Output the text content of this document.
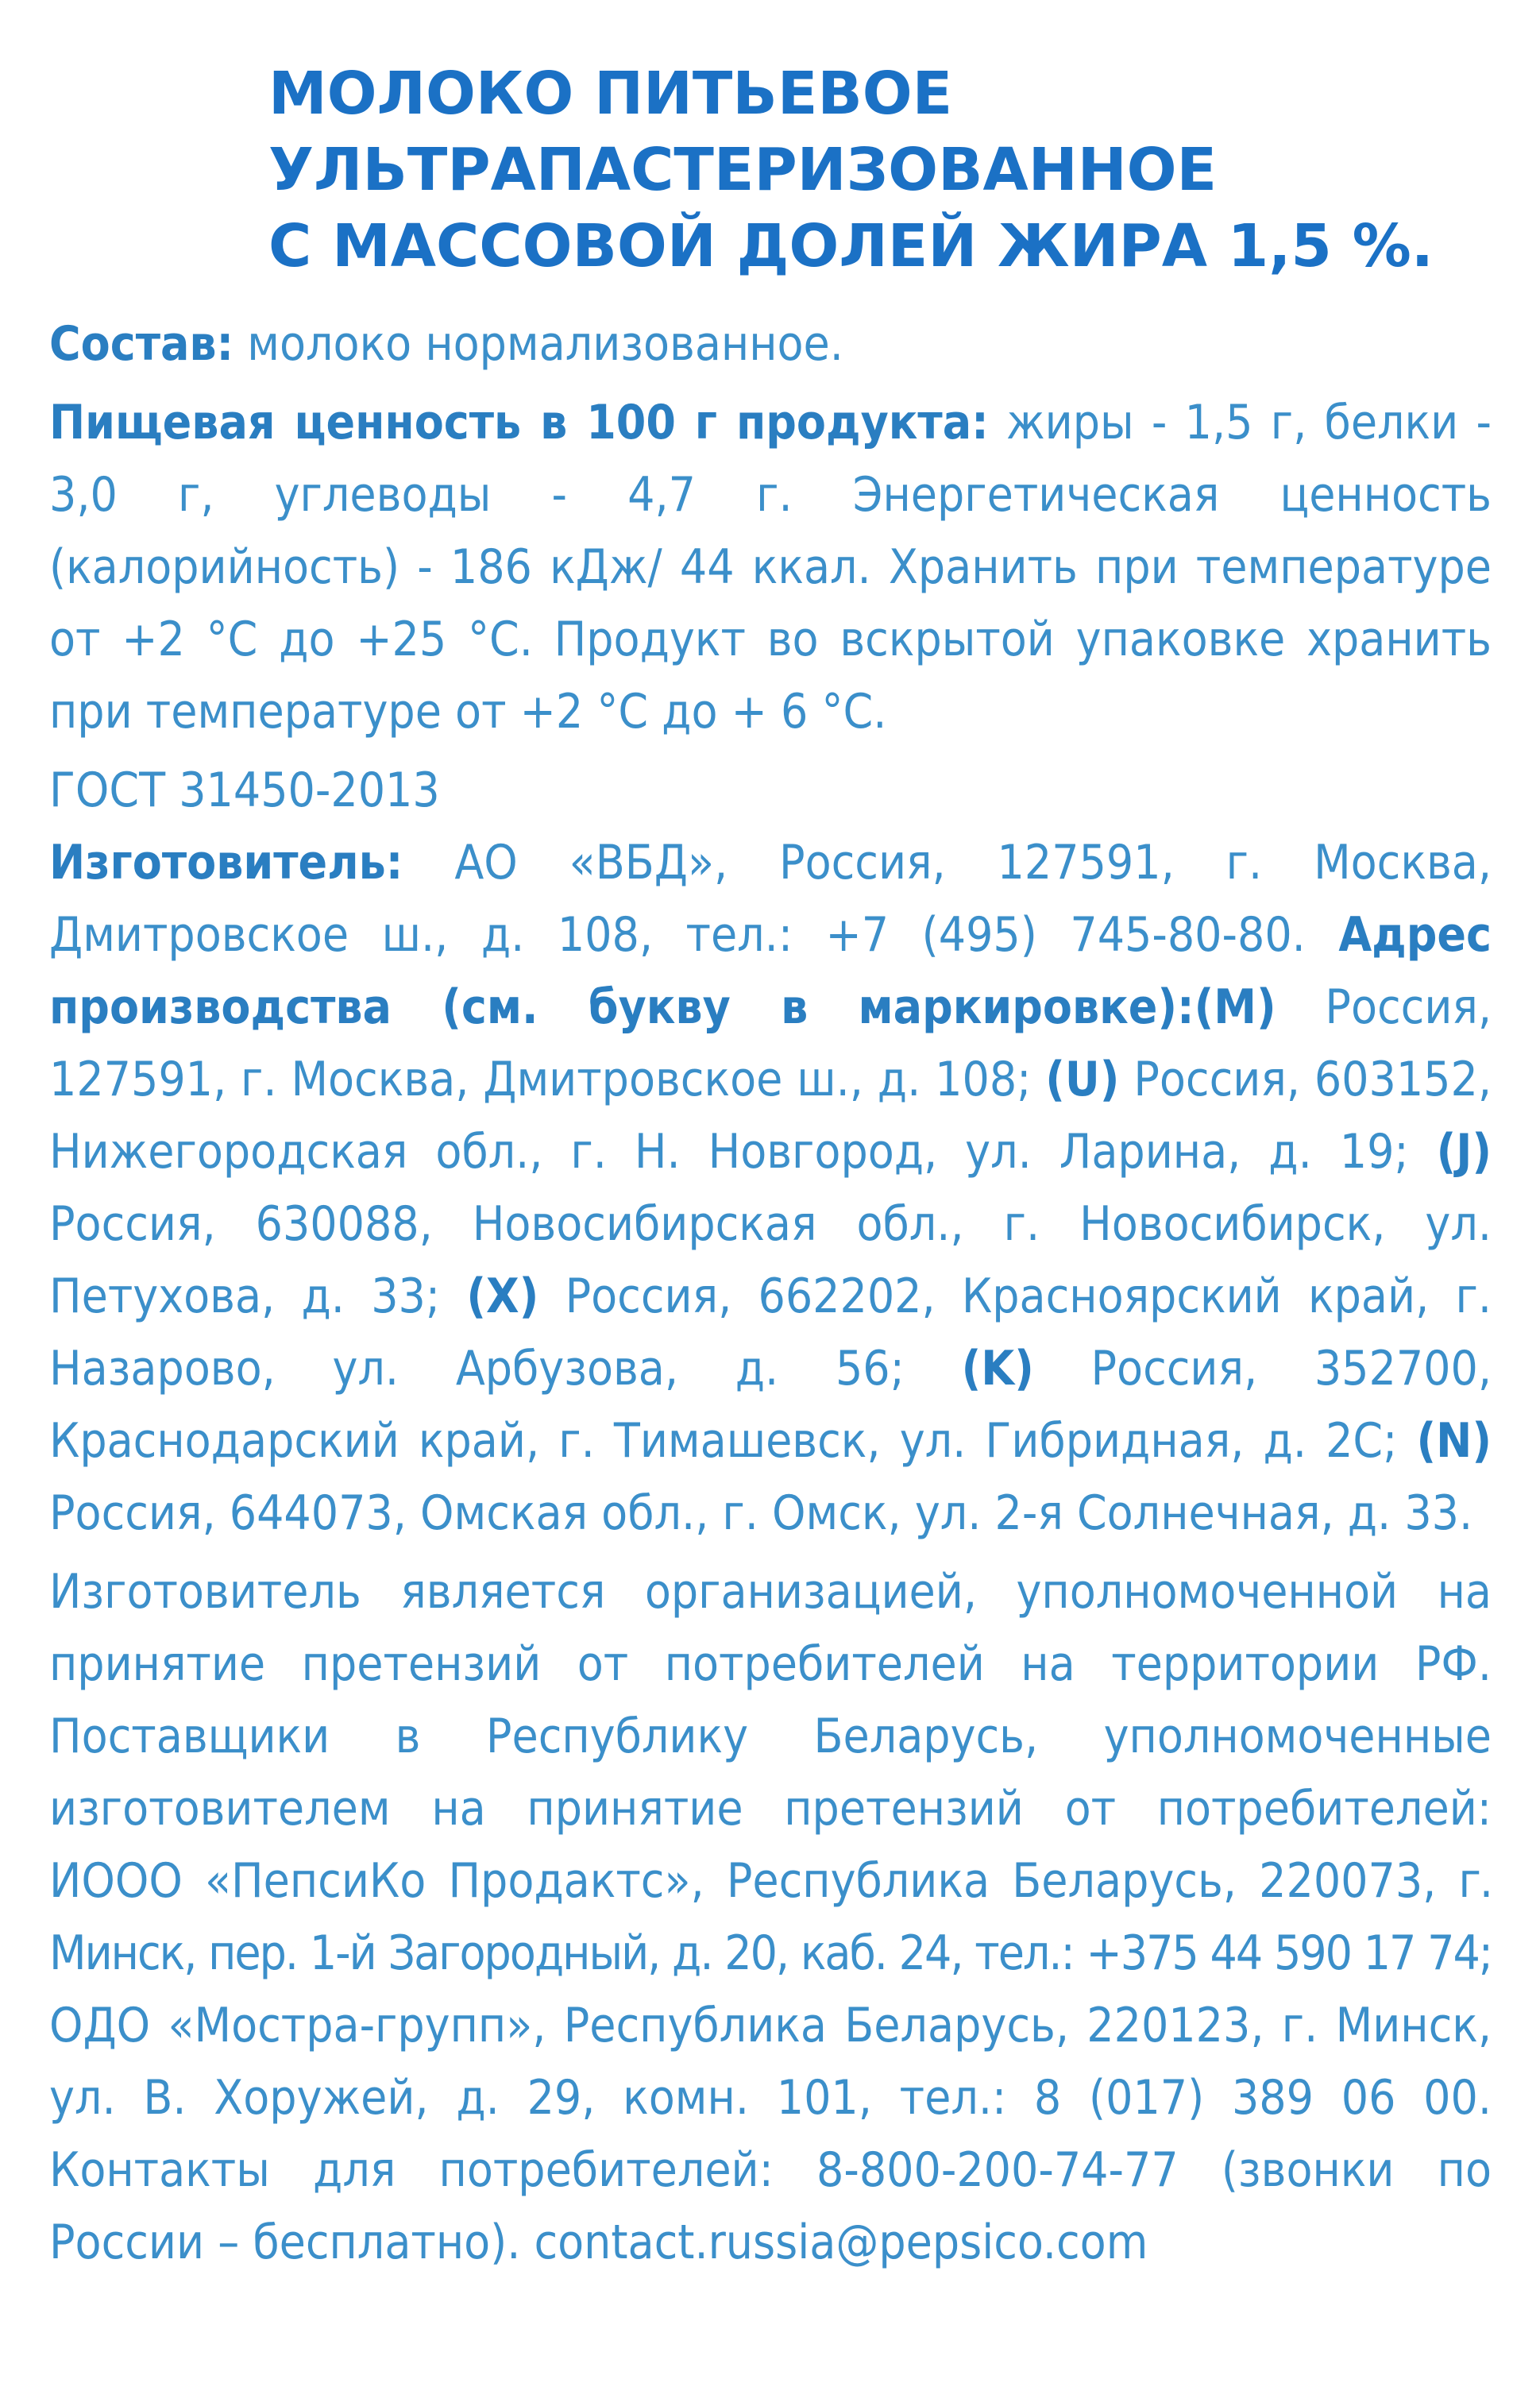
МОЛОКО ПИТЬЕВОЕ
УЛЬТРАПАСТЕРИЗОВАННОЕ
С МАССОВОЙ ДОЛЕЙ ЖИРА 1,5 %.

Состав: молоко нормализованное.

Пищевая ценность в 100 г продукта: жиры - 1,5 г, белки - 3,0 г, углеводы - 4,7 г. Энергетическая ценность (калорийность) - 186 кДж/ 44 ккал. Хранить при температуре от +2 °С до +25 °С. Продукт во вскрытой упаковке хранить при температуре от +2 °С до + 6 °С.

ГОСТ 31450-2013

Изготовитель: АО «ВБД», Россия, 127591, г. Москва, Дмитровское ш., д. 108, тел.: +7 (495) 745-80-80. Адрес производства (см. букву в маркировке):(M) Россия, 127591, г. Москва, Дмитровское ш., д. 108; (U) Россия, 603152, Нижегородская обл., г. Н. Новгород, ул. Ларина, д. 19; (J) Россия, 630088, Новосибирская обл., г. Новосибирск, ул. Петухова, д. 33; (X) Россия, 662202, Красноярский край, г. Назарово, ул. Арбузова, д. 56; (K) Россия, 352700, Краснодарский край, г. Тимашевск, ул. Гибридная, д. 2С; (N) Россия, 644073, Омская обл., г. Омск, ул. 2-я Солнечная, д. 33.

Изготовитель является организацией, уполномоченной на принятие претензий от потребителей на территории РФ. Поставщики в Республику Беларусь, уполномоченные изготовителем на принятие претензий от потребителей: ИООО «ПепсиКо Продактс», Республика Беларусь, 220073, г. Минск, пер. 1-й Загородный, д. 20, каб. 24, тел.: +375 44 590 17 74; ОДО «Мостра-групп», Республика Беларусь, 220123, г. Минск, ул. В. Хоружей, д. 29, комн. 101, тел.: 8 (017) 389 06 00. Контакты для потребителей: 8-800-200-74-77 (звонки по России – бесплатно). contact.russia@pepsico.com
